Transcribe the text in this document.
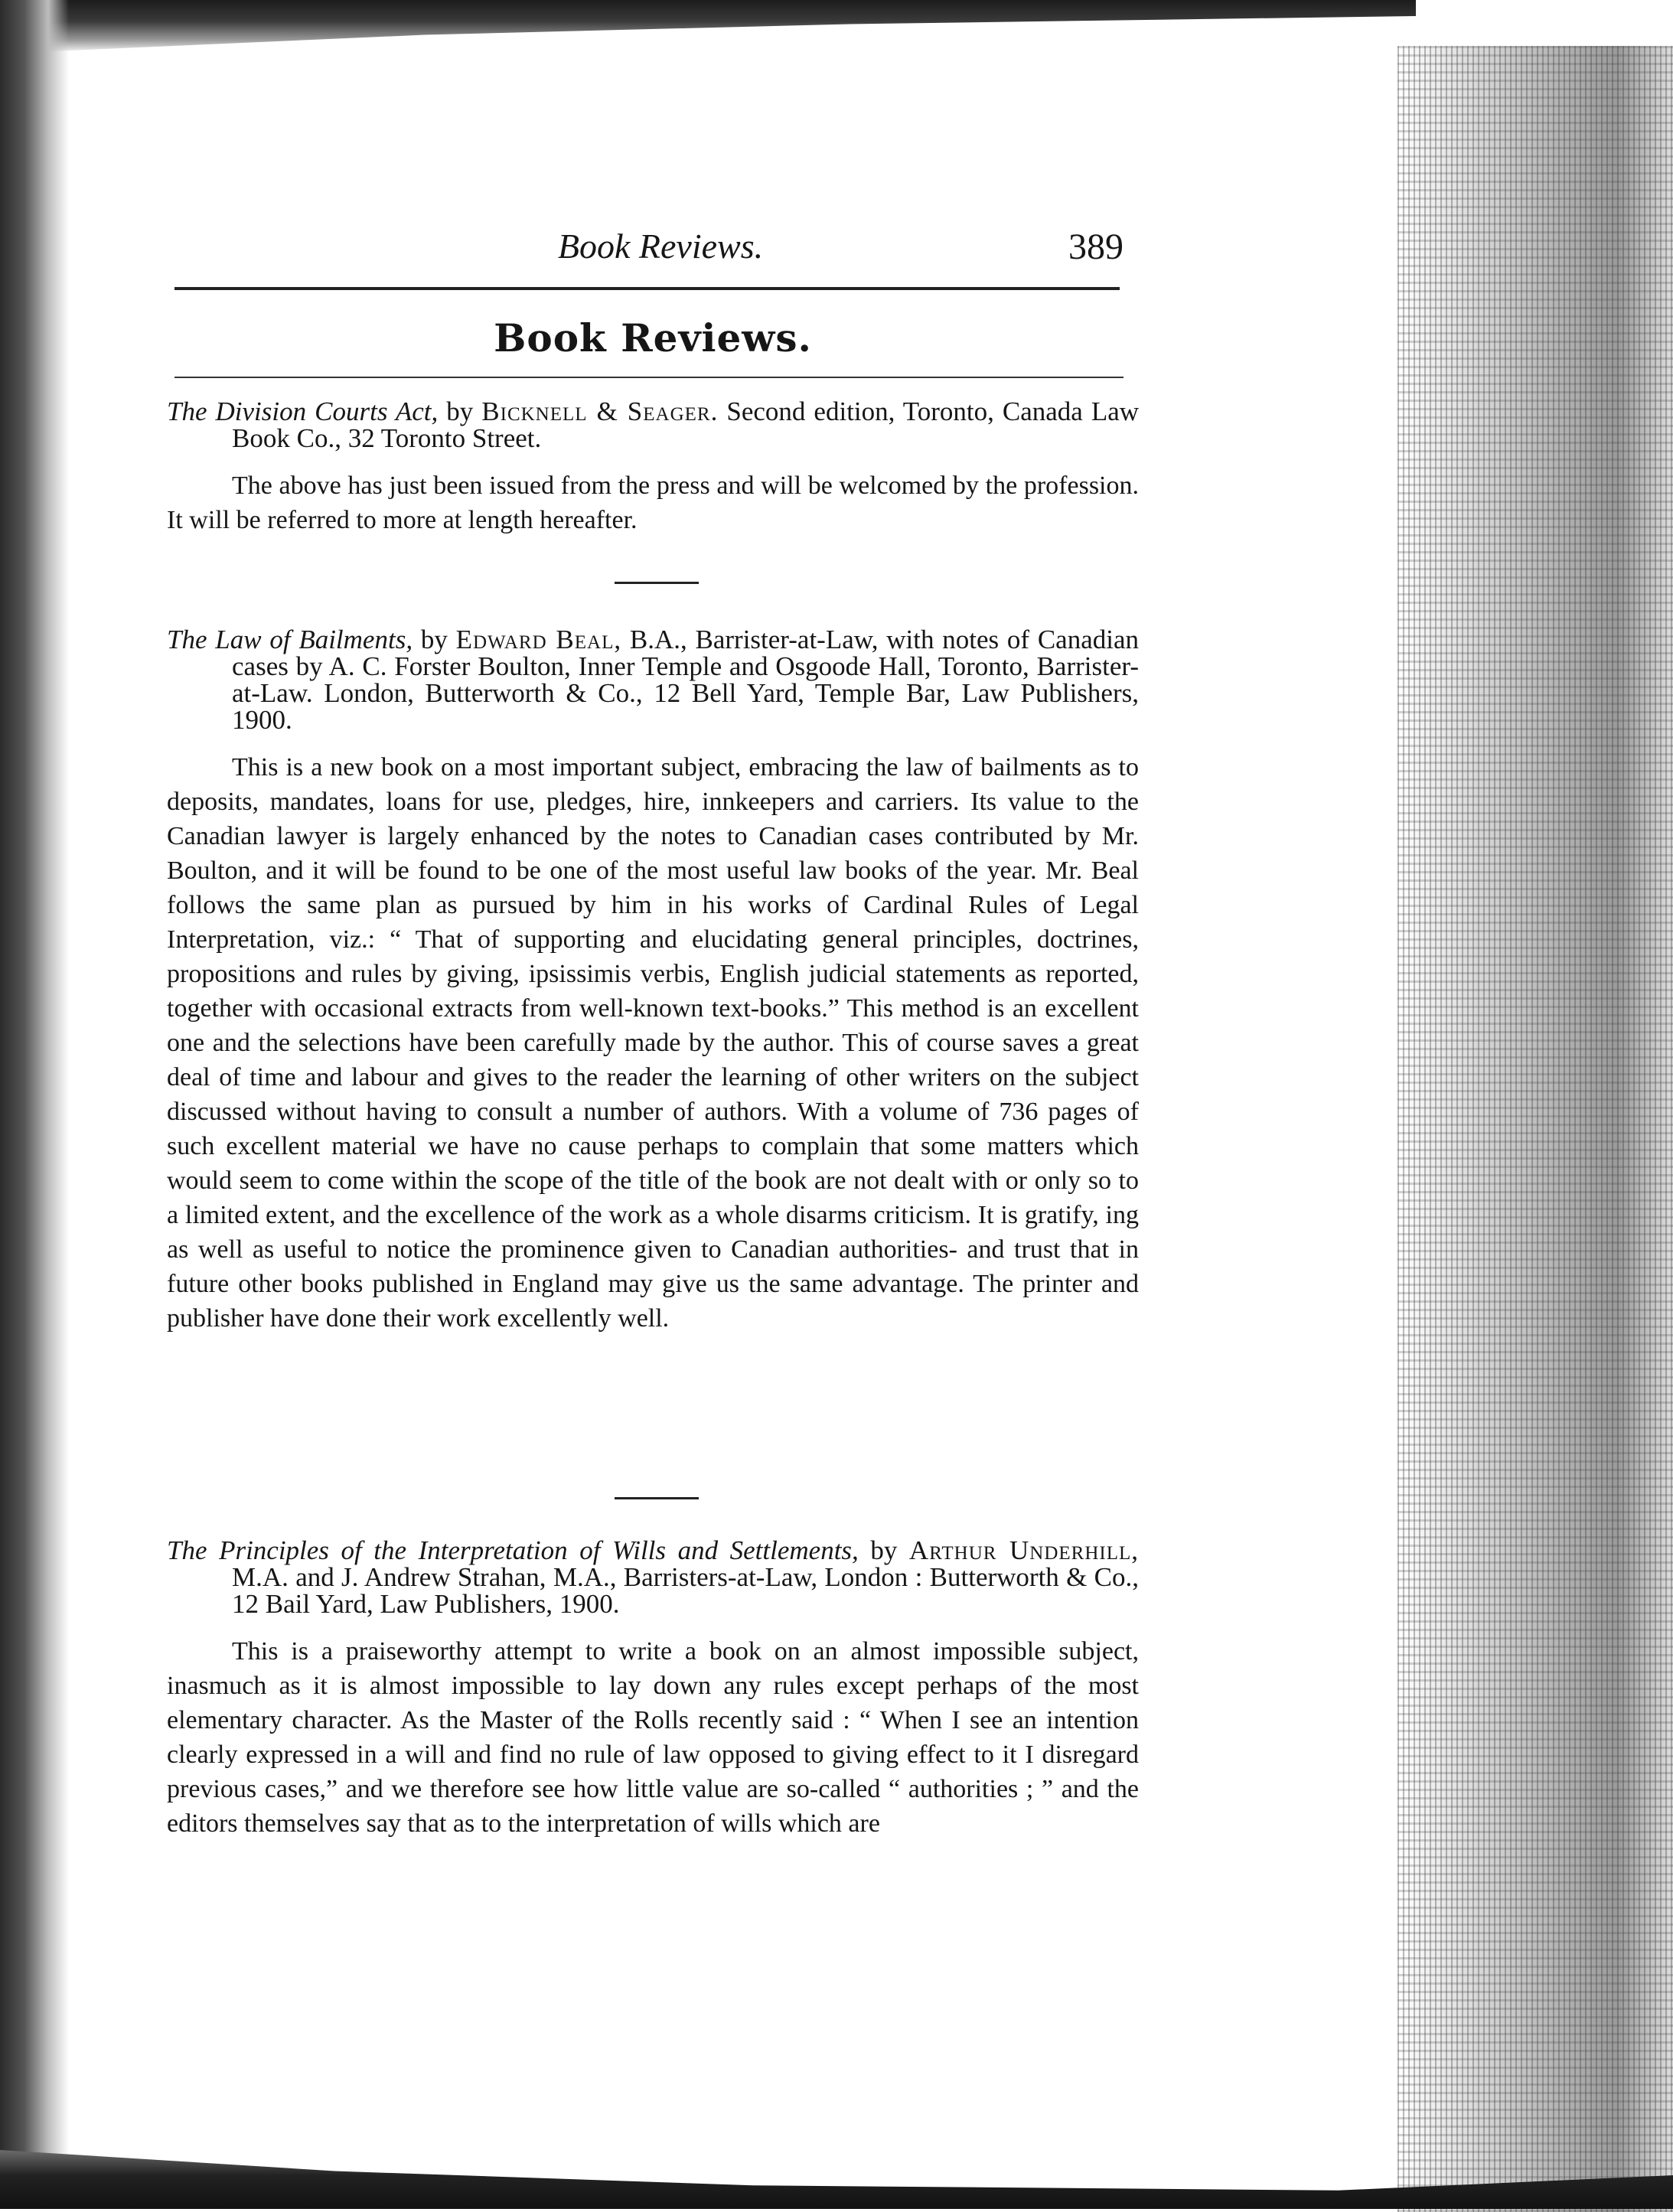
Book Reviews.	389
Book Reviews.

The Division Courts Act, by Bicknell & Seager. Second edition, Toronto, Canada Law Book Co., 32 Toronto Street.

The above has just been issued from the press and will be welcomed by the profession. It will be referred to more at length hereafter.

The Law of Bailments, by Edward Beal, B.A., Barrister-at-Law, with notes of Canadian cases by A. C. Forster Boulton, Inner Temple and Osgoode Hall, Toronto, Barrister-at-Law. London, Butterworth & Co., 12 Bell Yard, Temple Bar, Law Publishers, 1900.

This is a new book on a most important subject, embracing the law of bailments as to deposits, mandates, loans for use, pledges, hire, innkeepers and carriers. Its value to the Canadian lawyer is largely enhanced by the notes to Canadian cases contributed by Mr. Boulton, and it will be found to be one of the most useful law books of the year. Mr. Beal follows the same plan as pursued by him in his works of Cardinal Rules of Legal Interpretation, viz.: “ That of supporting and elucidating general principles, doctrines, propositions and rules by giving, ipsissimis verbis, English judicial statements as reported, together with occasional extracts from well-known text-books.” This method is an excellent one and the selections have been carefully made by the author. This of course saves a great deal of time and labour and gives to the reader the learning of other writers on the subject discussed without having to consult a number of authors. With a volume of 736 pages of such excellent material we have no cause perhaps to complain that some matters which would seem to come within the scope of the title of the book are not dealt with or only so to a limited extent, and the excellence of the work as a whole disarms criticism. It is gratify, ing as well as useful to notice the prominence given to Canadian authorities- and trust that in future other books published in England may give us the same advantage. The printer and publisher have done their work excellently well.

The Principles of the Interpretation of Wills and Settlements, by Arthur Underhill, M.A. and J. Andrew Strahan, M.A., Barristers-at-Law, London : Butterworth & Co., 12 Bail Yard, Law Publishers, 1900.

This is a praiseworthy attempt to write a book on an almost impossible subject, inasmuch as it is almost impossible to lay down any rules except perhaps of the most elementary character. As the Master of the Rolls recently said : “ When I see an intention clearly expressed in a will and find no rule of law opposed to giving effect to it I disregard previous cases,” and we therefore see how little value are so-called “ authorities ; ” and the editors themselves say that as to the interpretation of wills which are
